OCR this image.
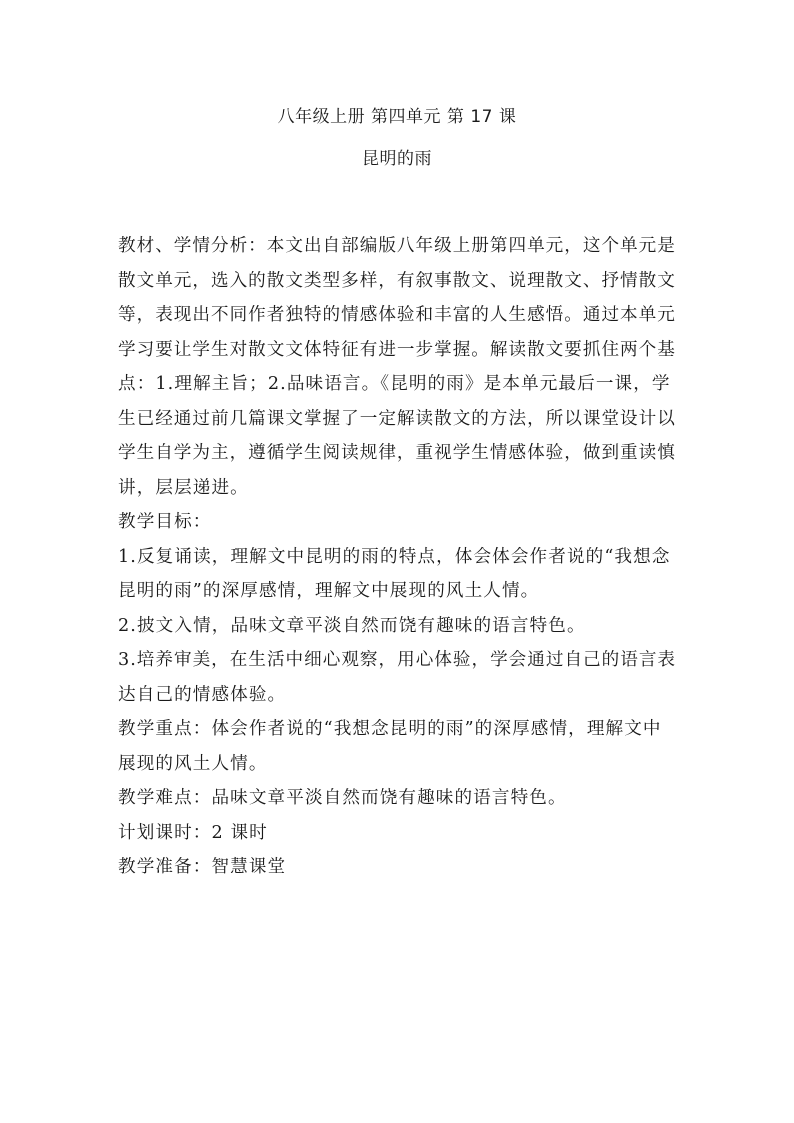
八年级上册 第四单元 第 17 课
昆明的雨

教材、学情分析：本文出自部编版八年级上册第四单元，这个单元是
散文单元，选入的散文类型多样，有叙事散文、说理散文、抒情散文
等，表现出不同作者独特的情感体验和丰富的人生感悟。通过本单元
学习要让学生对散文文体特征有进一步掌握。解读散文要抓住两个基
点：1.理解主旨；2.品味语言。《昆明的雨》是本单元最后一课，学
生已经通过前几篇课文掌握了一定解读散文的方法，所以课堂设计以
学生自学为主，遵循学生阅读规律，重视学生情感体验，做到重读慎
讲，层层递进。

教学目标：

1.反复诵读，理解文中昆明的雨的特点，体会体会作者说的“我想念
昆明的雨”的深厚感情，理解文中展现的风土人情。

2.披文入情，品味文章平淡自然而饶有趣味的语言特色。

3.培养审美，在生活中细心观察，用心体验，学会通过自己的语言表
达自己的情感体验。

教学重点：体会作者说的“我想念昆明的雨”的深厚感情，理解文中
展现的风土人情。

教学难点：品味文章平淡自然而饶有趣味的语言特色。

计划课时：2 课时

教学准备：智慧课堂
